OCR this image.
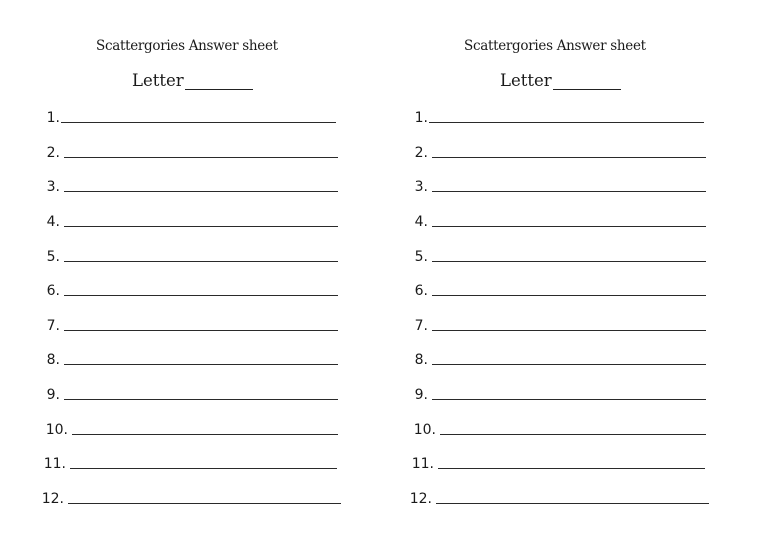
Scattergories Answer sheet
Letter
1.
2.
3.
4.
5.
6.
7.
8.
9.
10.
11.
12.
Scattergories Answer sheet
Letter
1.
2.
3.
4.
5.
6.
7.
8.
9.
10.
11.
12.
